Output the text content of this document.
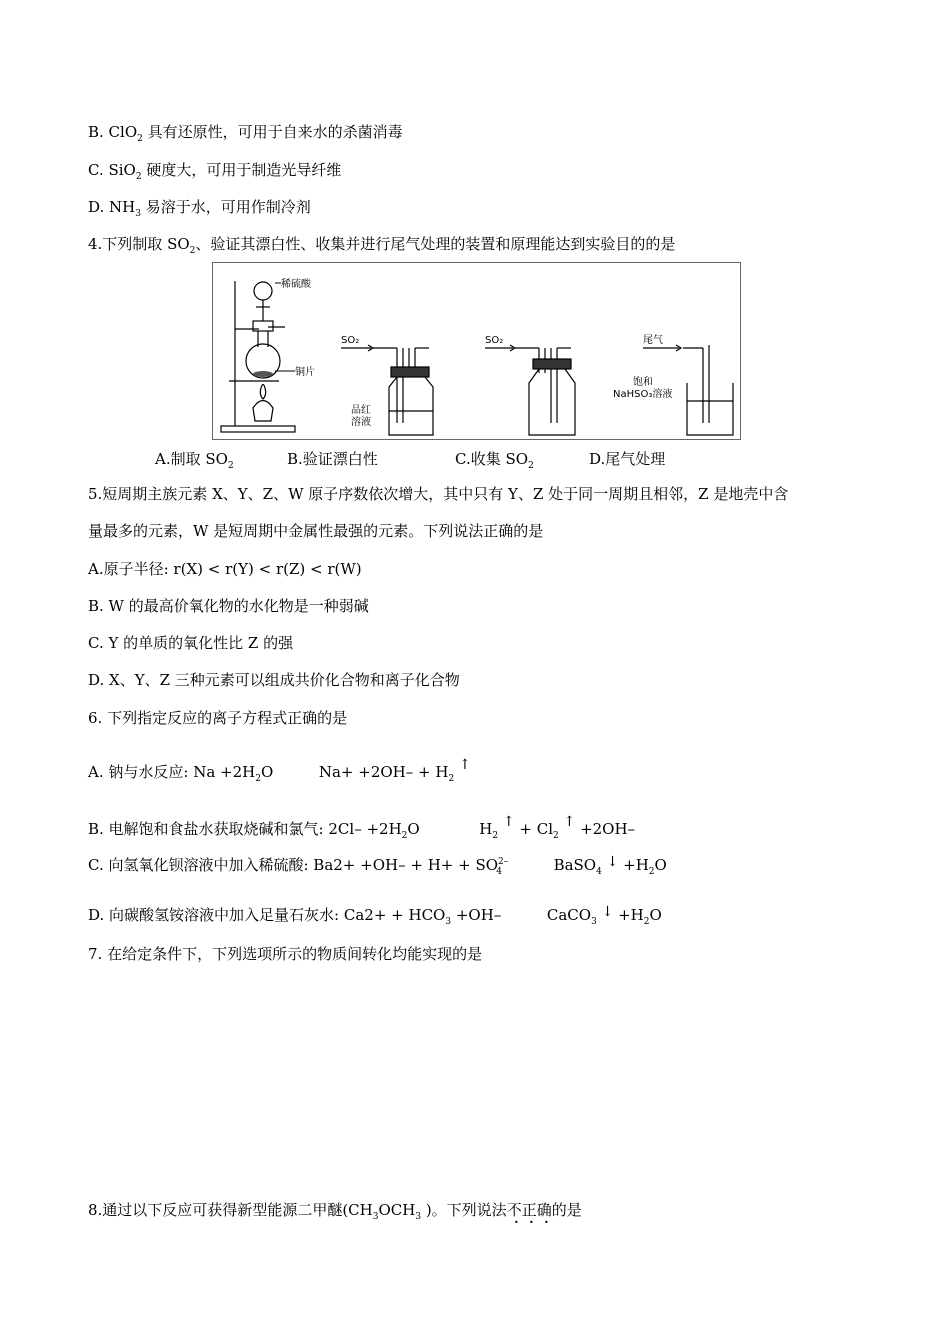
B. ClO$_2$ 具有还原性，可用于自来水的杀菌消毒
C. SiO$_2$ 硬度大，可用于制造光导纤维
D. $NH_3$ 易溶于水，可用作制冷剂
4.下列制取 $SO_2$、验证其漂白性、收集并进行尾气处理的装置和原理能达到实验目的的是
稀硫酸
铜片
SO₂
品红
溶液
SO₂	尾气
饱和
NaHSO₃溶液
A.制取 $SO_2$	B.验证漂白性	C.收集 $SO_2$	D.尾气处理
5.短周期主族元素 X、Y、Z、W 原子序数依次增大，其中只有 Y、Z 处于同一周期且相邻，Z 是地壳中含
量最多的元素，W 是短周期中金属性最强的元素。下列说法正确的是
A.原子半径: r(X) < r(Y) < r(Z) < r(W)
B. W 的最高价氧化物的水化物是一种弱碱
C. Y 的单质的氧化性比 Z 的强
D. X、Y、Z 三种元素可以组成共价化合物和离子化合物
6. 下列指定反应的离子方程式正确的是
A. 钠与水反应: $Na +2H_2O$	$Na+ +2OH- + H_2$ ↑
B. 电解饱和食盐水获取烧碱和氯气: $2Cl- +2H_2O$	$H_2$ ↑ + $Cl_2$ ↑ +2OH–
C. 向氢氧化钡溶液中加入稀硫酸: $Ba2+ +OH- + H+ + SO^{2-}_4$	BaSO$_4$ ↓ $+H_2O$
D. 向碳酸氢铵溶液中加入足量石灰水: $Ca2+ + HCO_3 +OH-$	CaCO$_3$ ↓ $+H_2O$
7. 在给定条件下，下列选项所示的物质间转化均能实现的是
8.通过以下反应可获得新型能源二甲醚($CH_3OCH_3$ )。下列说法不正确的是
